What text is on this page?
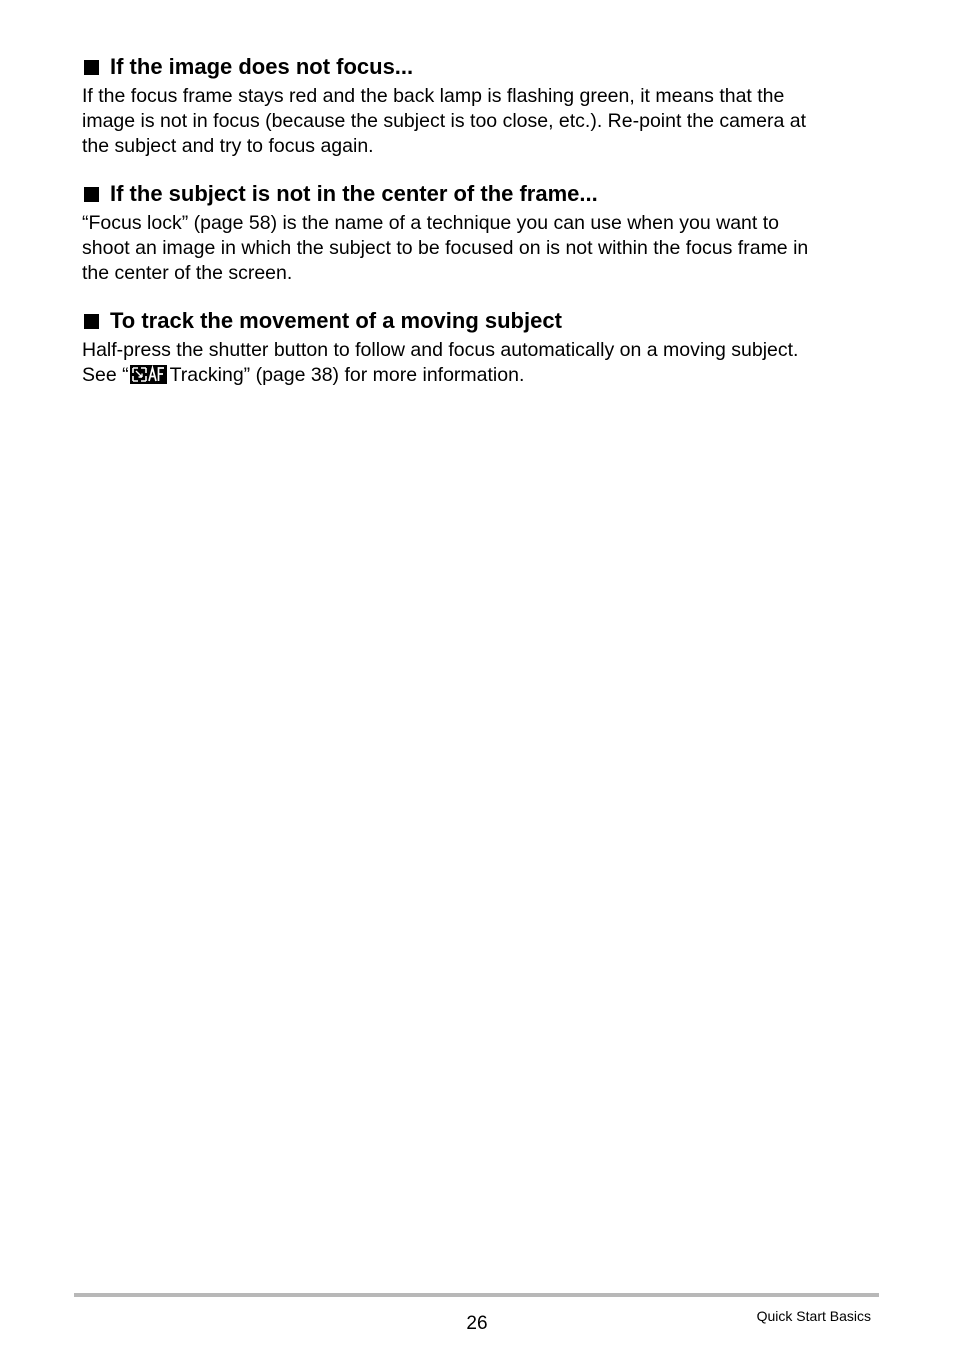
If the image does not focus...

If the focus frame stays red and the back lamp is flashing green, it means that the
image is not in focus (because the subject is too close, etc.). Re-point the camera at
the subject and try to focus again.

If the subject is not in the center of the frame...

“Focus lock” (page 58) is the name of a technique you can use when you want to
shoot an image in which the subject to be focused on is not within the focus frame in
the center of the screen.

To track the movement of a moving subject

Half-press the shutter button to follow and focus automatically on a moving subject.
See “ Tracking” (page 38) for more information.

26	Quick Start Basics
